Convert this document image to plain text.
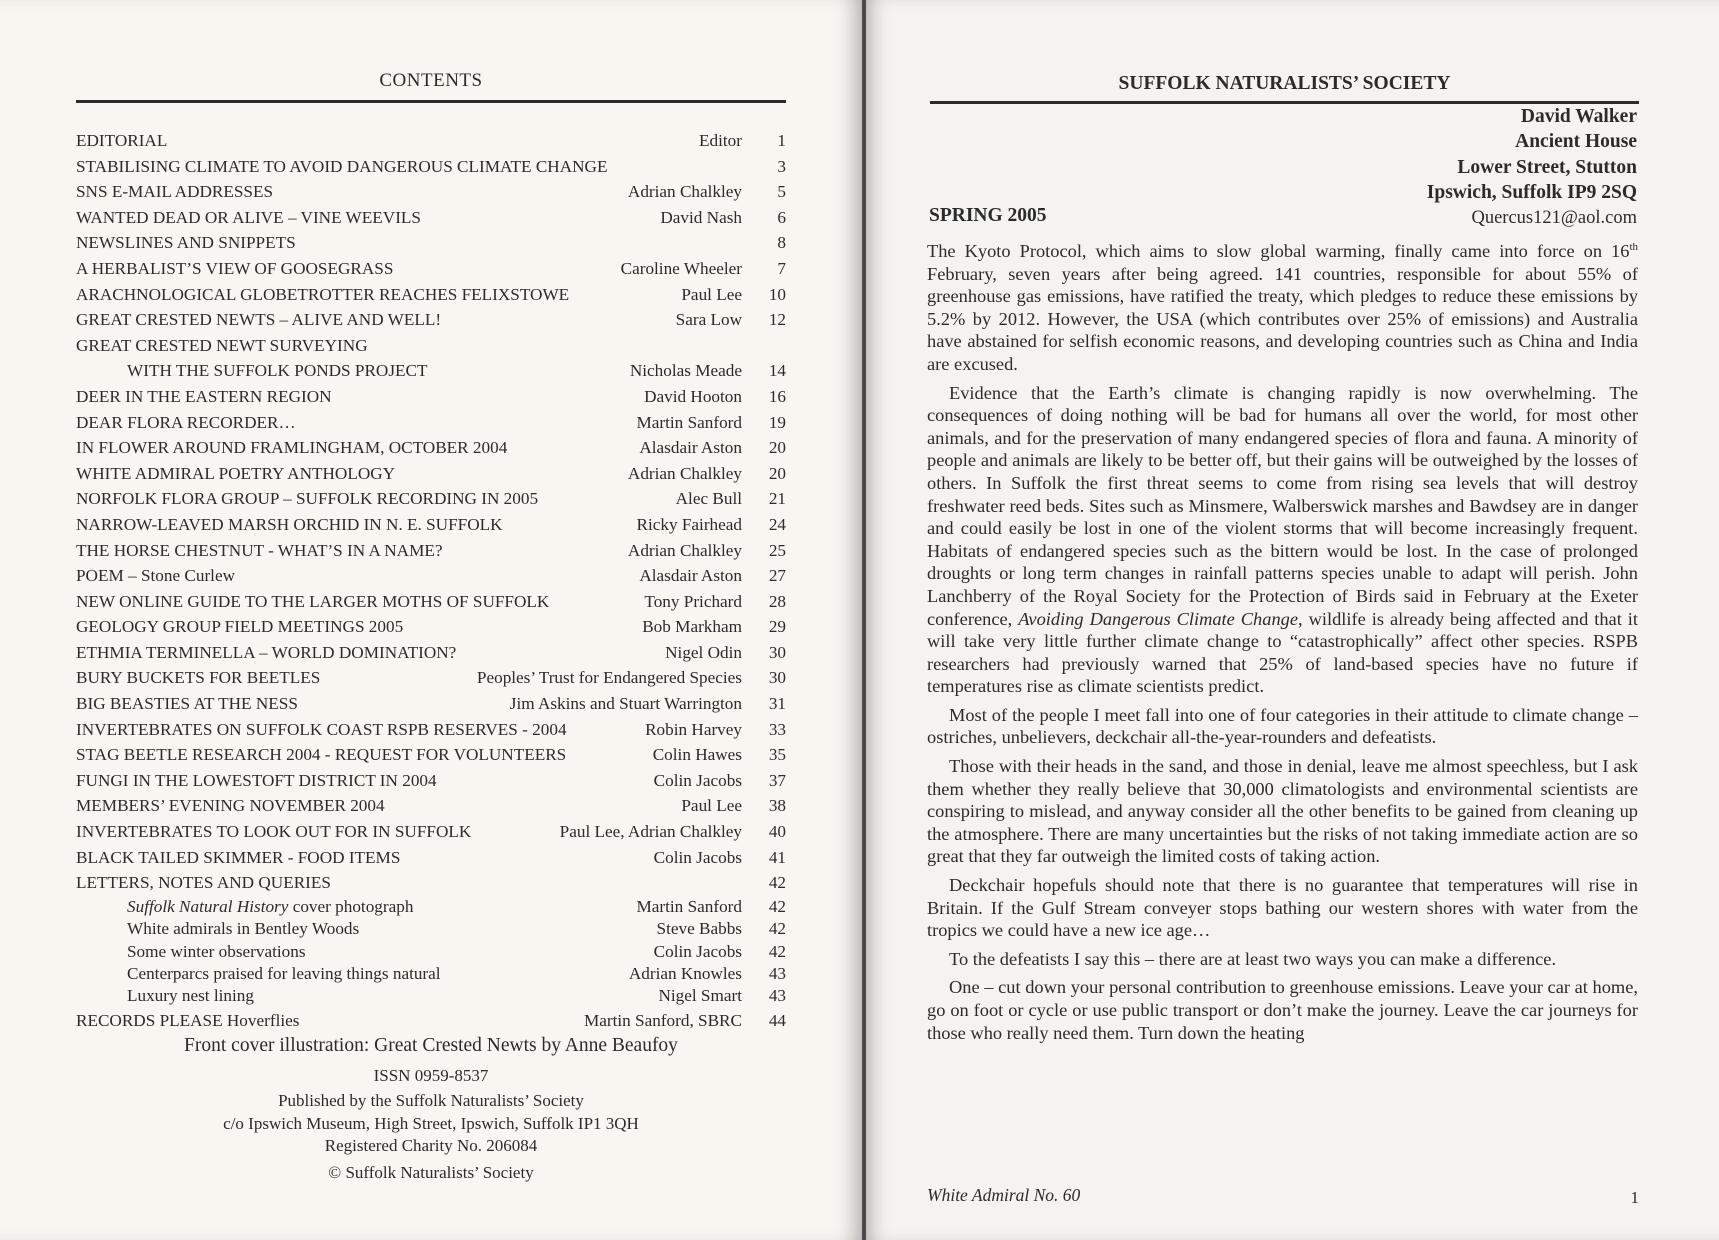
CONTENTS
EDITORIAL	Editor	1
STABILISING CLIMATE TO AVOID DANGEROUS CLIMATE CHANGE	3
SNS E-MAIL ADDRESSES	Adrian Chalkley	5
WANTED DEAD OR ALIVE – VINE WEEVILS	David Nash	6
NEWSLINES AND SNIPPETS	8
A HERBALIST’S VIEW OF GOOSEGRASS	Caroline Wheeler	7
ARACHNOLOGICAL GLOBETROTTER REACHES FELIXSTOWE	Paul Lee	10
GREAT CRESTED NEWTS – ALIVE AND WELL!	Sara Low	12
GREAT CRESTED NEWT SURVEYING
WITH THE SUFFOLK PONDS PROJECT	Nicholas Meade	14
DEER IN THE EASTERN REGION	David Hooton	16
DEAR FLORA RECORDER…	Martin Sanford	19
IN FLOWER AROUND FRAMLINGHAM, OCTOBER 2004	Alasdair Aston	20
WHITE ADMIRAL POETRY ANTHOLOGY	Adrian Chalkley	20
NORFOLK FLORA GROUP – SUFFOLK RECORDING IN 2005	Alec Bull	21
NARROW-LEAVED MARSH ORCHID IN N. E. SUFFOLK	Ricky Fairhead	24
THE HORSE CHESTNUT - WHAT’S IN A NAME?	Adrian Chalkley	25
POEM – Stone Curlew	Alasdair Aston	27
NEW ONLINE GUIDE TO THE LARGER MOTHS OF SUFFOLK	Tony Prichard	28
GEOLOGY GROUP FIELD MEETINGS 2005	Bob Markham	29
ETHMIA TERMINELLA – WORLD DOMINATION?	Nigel Odin	30
BURY BUCKETS FOR BEETLES	Peoples’ Trust for Endangered Species	30
BIG BEASTIES AT THE NESS	Jim Askins and Stuart Warrington	31
INVERTEBRATES ON SUFFOLK COAST RSPB RESERVES - 2004	Robin Harvey	33
STAG BEETLE RESEARCH 2004 - REQUEST FOR VOLUNTEERS	Colin Hawes	35
FUNGI IN THE LOWESTOFT DISTRICT IN 2004	Colin Jacobs	37
MEMBERS’ EVENING NOVEMBER 2004	Paul Lee	38
INVERTEBRATES TO LOOK OUT FOR IN SUFFOLK	Paul Lee, Adrian Chalkley	40
BLACK TAILED SKIMMER - FOOD ITEMS	Colin Jacobs	41
LETTERS, NOTES AND QUERIES	42
Suffolk Natural History cover photograph	Martin Sanford	42
White admirals in Bentley Woods	Steve Babbs	42
Some winter observations	Colin Jacobs	42
Centerparcs praised for leaving things natural	Adrian Knowles	43
Luxury nest lining	Nigel Smart	43
RECORDS PLEASE Hoverflies	Martin Sanford, SBRC	44
Front cover illustration: Great Crested Newts by Anne Beaufoy
ISSN 0959-8537
Published by the Suffolk Naturalists’ Society
c/o Ipswich Museum, High Street, Ipswich, Suffolk IP1 3QH
Registered Charity No. 206084
© Suffolk Naturalists’ Society
SUFFOLK NATURALISTS’ SOCIETY
David Walker
Ancient House
Lower Street, Stutton
Ipswich, Suffolk IP9 2SQ
SPRING 2005	Quercus121@aol.com

The Kyoto Protocol, which aims to slow global warming, finally came into force on 16th February, seven years after being agreed. 141 countries, responsible for about 55% of greenhouse gas emissions, have ratified the treaty, which pledges to reduce these emissions by 5.2% by 2012. However, the USA (which contributes over 25% of emissions) and Australia have abstained for selfish economic reasons, and developing countries such as China and India are excused.

Evidence that the Earth’s climate is changing rapidly is now overwhelming. The consequences of doing nothing will be bad for humans all over the world, for most other animals, and for the preservation of many endangered species of flora and fauna. A minority of people and animals are likely to be better off, but their gains will be outweighed by the losses of others. In Suffolk the first threat seems to come from rising sea levels that will destroy freshwater reed beds. Sites such as Minsmere, Walberswick marshes and Bawdsey are in danger and could easily be lost in one of the violent storms that will become increasingly frequent. Habitats of endangered species such as the bittern would be lost. In the case of prolonged droughts or long term changes in rainfall patterns species unable to adapt will perish. John Lanchberry of the Royal Society for the Protection of Birds said in February at the Exeter conference, Avoiding Dangerous Climate Change, wildlife is already being affected and that it will take very little further climate change to “catastrophically” affect other species. RSPB researchers had previously warned that 25% of land-based species have no future if temperatures rise as climate scientists predict.

Most of the people I meet fall into one of four categories in their attitude to climate change – ostriches, unbelievers, deckchair all-the-year-rounders and defeatists.

Those with their heads in the sand, and those in denial, leave me almost speechless, but I ask them whether they really believe that 30,000 climatologists and environmental scientists are conspiring to mislead, and anyway consider all the other benefits to be gained from cleaning up the atmosphere. There are many uncertainties but the risks of not taking immediate action are so great that they far outweigh the limited costs of taking action.

Deckchair hopefuls should note that there is no guarantee that temperatures will rise in Britain. If the Gulf Stream conveyer stops bathing our western shores with water from the tropics we could have a new ice age…

To the defeatists I say this – there are at least two ways you can make a difference.

One – cut down your personal contribution to greenhouse emissions. Leave your car at home, go on foot or cycle or use public transport or don’t make the journey. Leave the car journeys for those who really need them. Turn down the heating

White Admiral No. 60	1
